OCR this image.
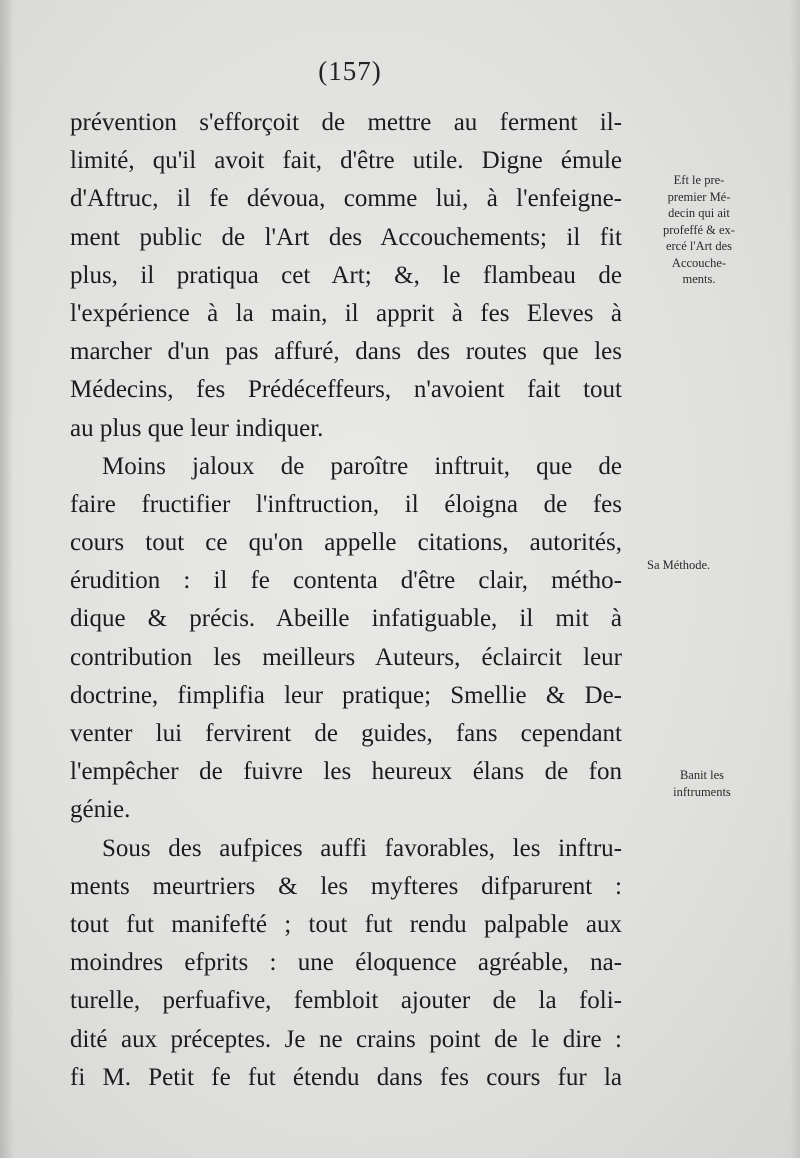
(157)
prévention s'efforçoit de mettre au ferment il-
limité, qu'il avoit fait, d'être utile. Digne émule
d'Aftruc, il fe dévoua, comme lui, à l'enfeigne-
ment public de l'Art des Accouchements; il fit
plus, il pratiqua cet Art; &, le flambeau de
l'expérience à la main, il apprit à fes Eleves à
marcher d'un pas affuré, dans des routes que les
Médecins, fes Prédéceffeurs, n'avoient fait tout
au plus que leur indiquer.
Moins jaloux de paroître inftruit, que de
faire fructifier l'inftruction, il éloigna de fes
cours tout ce qu'on appelle citations, autorités,
érudition : il fe contenta d'être clair, métho-
dique & précis. Abeille infatiguable, il mit à
contribution les meilleurs Auteurs, éclaircit leur
doctrine, fimplifia leur pratique; Smellie & De-
venter lui fervirent de guides, fans cependant
l'empêcher de fuivre les heureux élans de fon
génie.
Sous des aufpices auffi favorables, les inftru-
ments meurtriers & les myfteres difparurent :
tout fut manifefté ; tout fut rendu palpable aux
moindres efprits : une éloquence agréable, na-
turelle, perfuafive, fembloit ajouter de la foli-
dité aux préceptes. Je ne crains point de le dire :
fi M. Petit fe fut étendu dans fes cours fur la
Eft le pre-
premier Mé-
decin qui ait
profeffé & ex-
ercé l'Art des
Accouche-
ments.
Sa Méthode.
Banit les
inftruments
